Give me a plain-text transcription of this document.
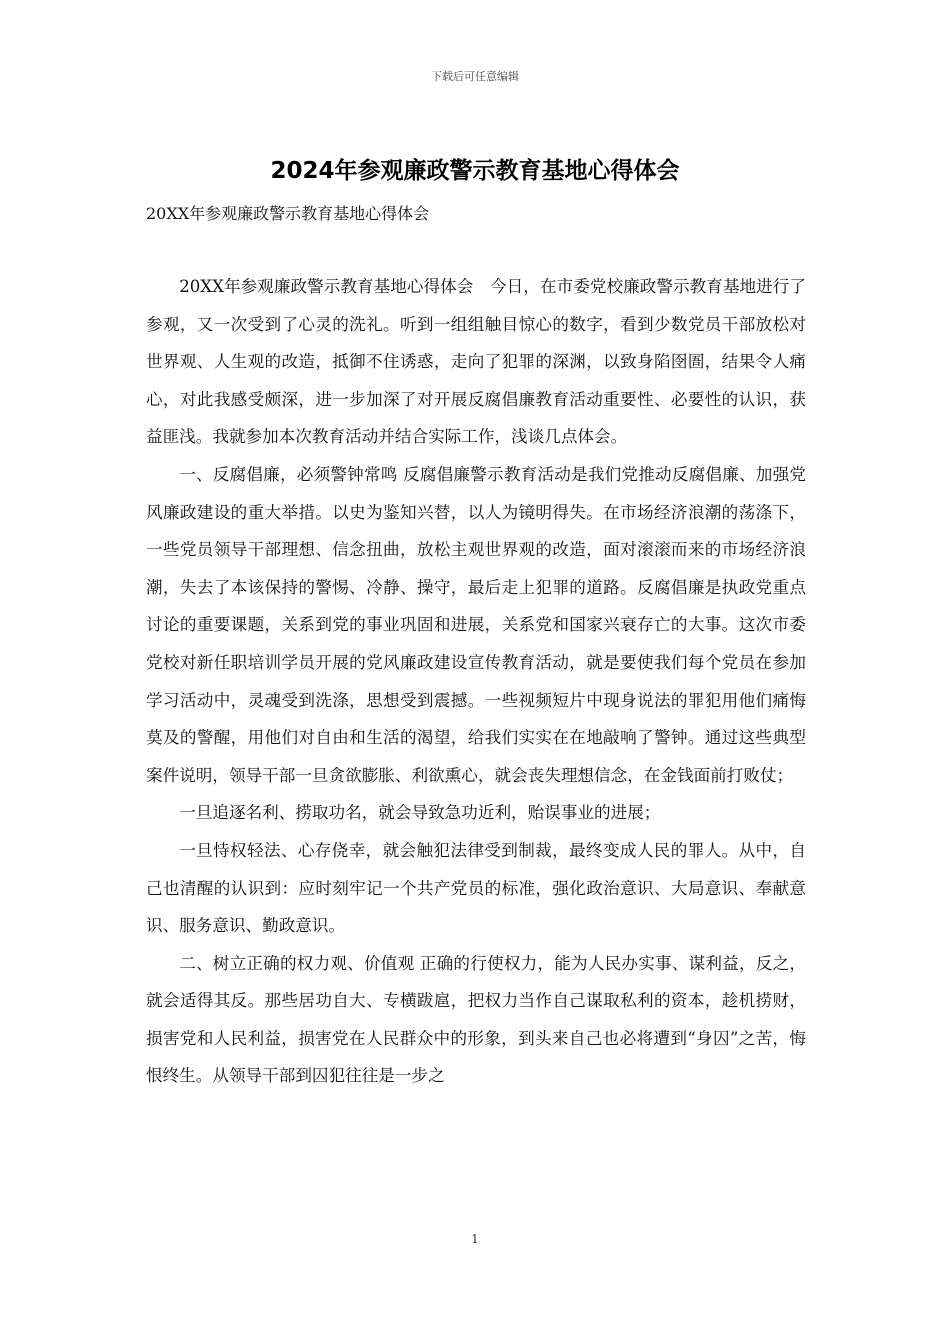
下载后可任意编辑
2024年参观廉政警示教育基地心得体会
20XX年参观廉政警示教育基地心得体会

20XX年参观廉政警示教育基地心得体会　今日，在市委党校廉政警示教育基地进行了参观，又一次受到了心灵的洗礼。听到一组组触目惊心的数字，看到少数党员干部放松对世界观、人生观的改造，抵御不住诱惑，走向了犯罪的深渊，以致身陷囹圄，结果令人痛心，对此我感受颇深，进一步加深了对开展反腐倡廉教育活动重要性、必要性的认识，获益匪浅。我就参加本次教育活动并结合实际工作，浅谈几点体会。

一、反腐倡廉，必须警钟常鸣 反腐倡廉警示教育活动是我们党推动反腐倡廉、加强党风廉政建设的重大举措。以史为鉴知兴替，以人为镜明得失。在市场经济浪潮的荡涤下，一些党员领导干部理想、信念扭曲，放松主观世界观的改造，面对滚滚而来的市场经济浪潮，失去了本该保持的警惕、冷静、操守，最后走上犯罪的道路。反腐倡廉是执政党重点讨论的重要课题，关系到党的事业巩固和进展，关系党和国家兴衰存亡的大事。这次市委党校对新任职培训学员开展的党风廉政建设宣传教育活动，就是要使我们每个党员在参加学习活动中，灵魂受到洗涤，思想受到震撼。一些视频短片中现身说法的罪犯用他们痛悔莫及的警醒，用他们对自由和生活的渴望，给我们实实在在地敲响了警钟。通过这些典型案件说明，领导干部一旦贪欲膨胀、利欲熏心，就会丧失理想信念，在金钱面前打败仗；

一旦追逐名利、捞取功名，就会导致急功近利，贻误事业的进展；

一旦恃权轻法、心存侥幸，就会触犯法律受到制裁，最终变成人民的罪人。从中，自己也清醒的认识到：应时刻牢记一个共产党员的标准，强化政治意识、大局意识、奉献意识、服务意识、勤政意识。

二、树立正确的权力观、价值观 正确的行使权力，能为人民办实事、谋利益，反之，就会适得其反。那些居功自大、专横跋扈，把权力当作自己谋取私利的资本，趁机捞财，损害党和人民利益，损害党在人民群众中的形象，到头来自己也必将遭到“身囚”之苦，悔恨终生。从领导干部到囚犯往往是一步之

1
